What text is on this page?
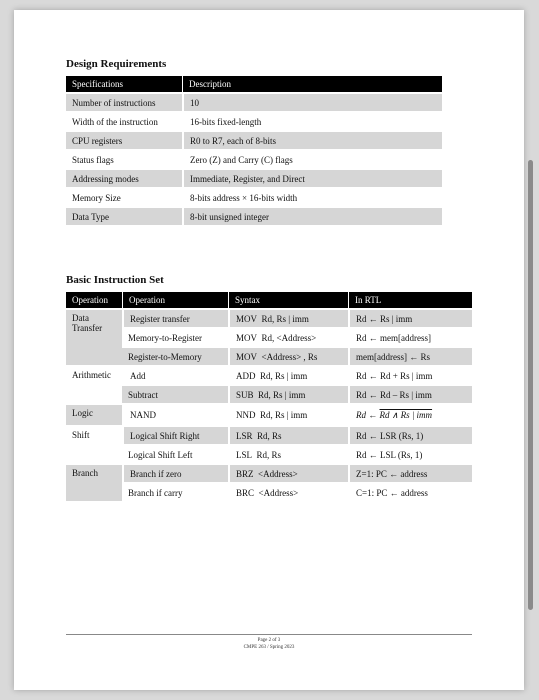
Design Requirements
Specifications	Description
Number of instructions	10
Width of the instruction	16-bits fixed-length
CPU registers	R0 to R7, each of 8-bits
Status flags	Zero (Z) and Carry (C) flags
Addressing modes	Immediate, Register, and Direct
Memory Size	8-bits address × 16-bits width
Data Type	8-bit unsigned integer
Basic Instruction Set
Operation	Operation	Syntax	In RTL
Data Transfer	Register transfer	MOV Rd, Rs | imm	Rd ← Rs | imm
	Memory-to-Register	MOV Rd, <Address>	Rd ← mem[address]
	Register-to-Memory	MOV <Address> , Rs	mem[address] ← Rs
Arithmetic	Add	ADD Rd, Rs | imm	Rd ← Rd + Rs | imm
	Subtract	SUB Rd, Rs | imm	Rd ← Rd – Rs | imm
Logic	NAND	NND Rd, Rs | imm	Rd ← Rd ∧ Rs | imm
Shift	Logical Shift Right	LSR Rd, Rs	Rd ← LSR (Rs, 1)
	Logical Shift Left	LSL Rd, Rs	Rd ← LSL (Rs, 1)
Branch	Branch if zero	BRZ <Address>	Z=1: PC ← address
	Branch if carry	BRC <Address>	C=1: PC ← address
Page 2 of 3
CMPE 263 / Spring 2023
